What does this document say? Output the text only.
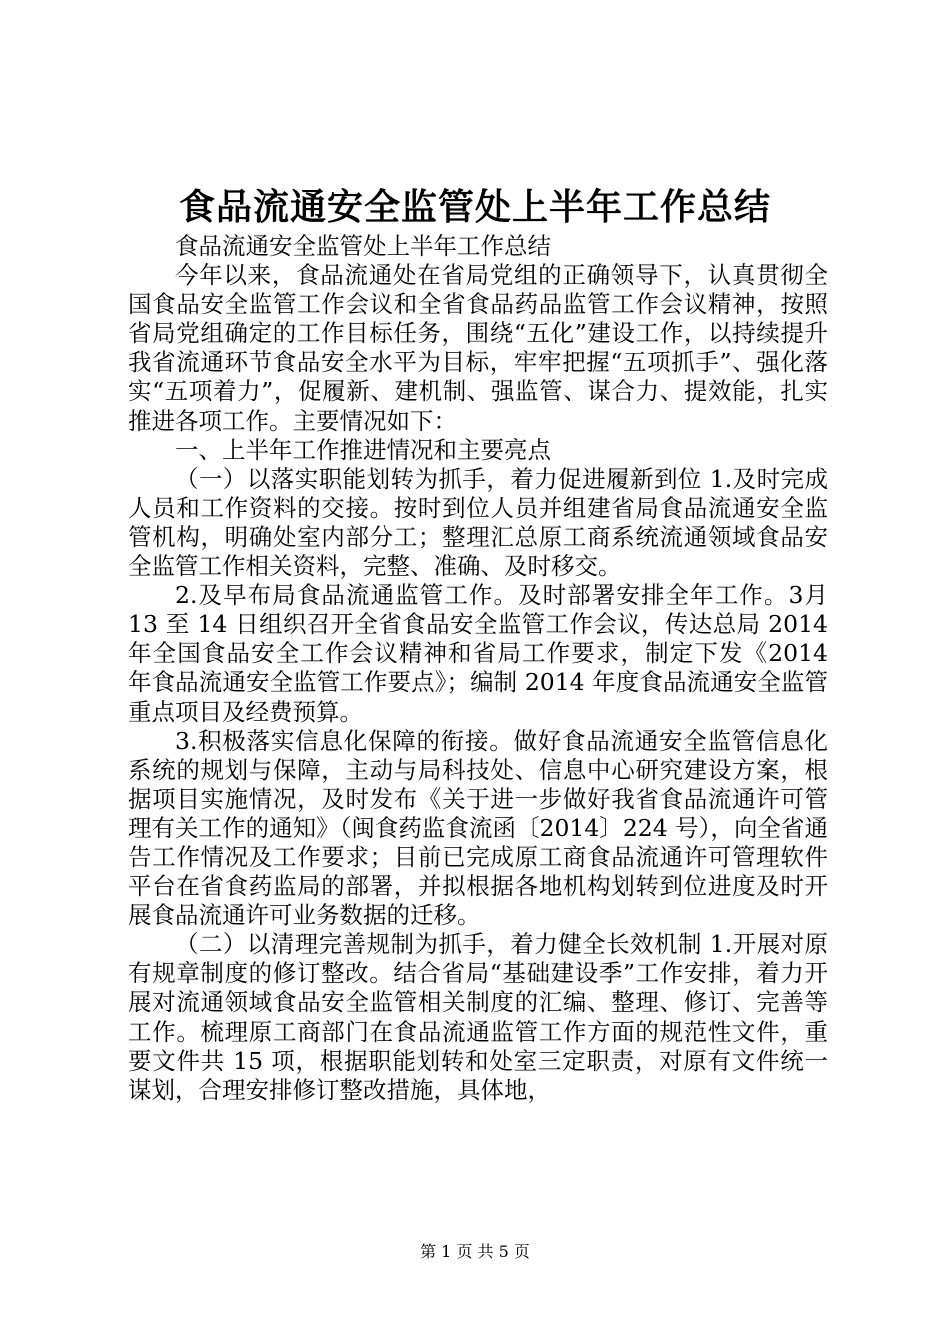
食品流通安全监管处上半年工作总结

食品流通安全监管处上半年工作总结

今年以来，食品流通处在省局党组的正确领导下，认真贯彻全国食品安全监管工作会议和全省食品药品监管工作会议精神，按照省局党组确定的工作目标任务，围绕“五化”建设工作，以持续提升我省流通环节食品安全水平为目标，牢牢把握“五项抓手”、强化落实“五项着力”，促履新、建机制、强监管、谋合力、提效能，扎实推进各项工作。主要情况如下：

一、上半年工作推进情况和主要亮点

（一）以落实职能划转为抓手，着力促进履新到位 1.及时完成人员和工作资料的交接。按时到位人员并组建省局食品流通安全监管机构，明确处室内部分工；整理汇总原工商系统流通领域食品安全监管工作相关资料，完整、准确、及时移交。

2.及早布局食品流通监管工作。及时部署安排全年工作。3月 13 至 14 日组织召开全省食品安全监管工作会议，传达总局 2014 年全国食品安全工作会议精神和省局工作要求，制定下发《2014 年食品流通安全监管工作要点》；编制 2014 年度食品流通安全监管重点项目及经费预算。

3.积极落实信息化保障的衔接。做好食品流通安全监管信息化系统的规划与保障，主动与局科技处、信息中心研究建设方案，根据项目实施情况，及时发布《关于进一步做好我省食品流通许可管理有关工作的通知》（闽食药监食流函〔2014〕224 号），向全省通告工作情况及工作要求；目前已完成原工商食品流通许可管理软件平台在省食药监局的部署，并拟根据各地机构划转到位进度及时开展食品流通许可业务数据的迁移。

（二）以清理完善规制为抓手，着力健全长效机制 1.开展对原有规章制度的修订整改。结合省局“基础建设季”工作安排，着力开展对流通领域食品安全监管相关制度的汇编、整理、修订、完善等工作。梳理原工商部门在食品流通监管工作方面的规范性文件，重要文件共 15 项，根据职能划转和处室三定职责，对原有文件统一谋划，合理安排修订整改措施，具体地，

第 1 页 共 5 页
